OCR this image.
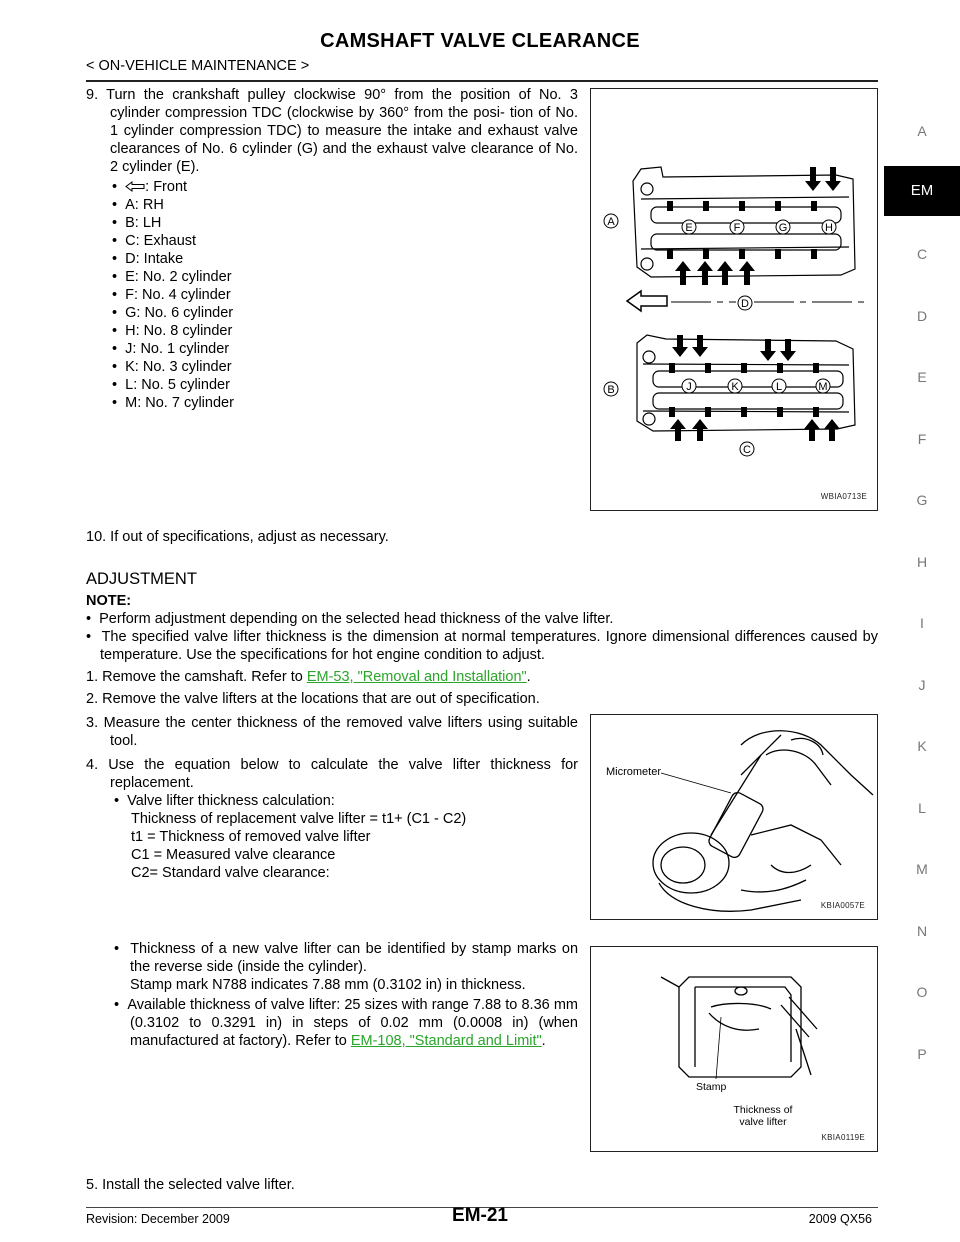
CAMSHAFT VALVE CLEARANCE
< ON-VEHICLE MAINTENANCE >
A
EM
C
D
E
F
G
H
I
J
K
L
M
N
O
P
9. Turn the crankshaft pulley clockwise 90° from the position of No. 3 cylinder compression TDC (clockwise by 360° from the posi- tion of No. 1 cylinder compression TDC) to measure the intake and exhaust valve clearances of No. 6 cylinder (G) and the exhaust valve clearance of No. 2 cylinder (E).
•  : Front
•  A: RH
•  B: LH
•  C: Exhaust
•  D: Intake
•  E: No. 2 cylinder
•  F: No. 4 cylinder
•  G: No. 6 cylinder
•  H: No. 8 cylinder
•  J: No. 1 cylinder
•  K: No. 3 cylinder
•  L: No. 5 cylinder
•  M: No. 7 cylinder
E	F	G	H
A
D
J	K	L	M
B
C
WBIA0713E
10. If out of specifications, adjust as necessary.
ADJUSTMENT
NOTE:
•  Perform adjustment depending on the selected head thickness of the valve lifter.
•  The specified valve lifter thickness is the dimension at normal temperatures. Ignore dimensional differences caused by temperature. Use the specifications for hot engine condition to adjust.
1. Remove the camshaft. Refer to EM-53, "Removal and Installation".
2. Remove the valve lifters at the locations that are out of specification.
3. Measure the center thickness of the removed valve lifters using suitable tool.
4. Use the equation below to calculate the valve lifter thickness for replacement.
•  Valve lifter thickness calculation:
Thickness of replacement valve lifter = t1+ (C1 - C2)
t1 = Thickness of removed valve lifter
C1 = Measured valve clearance
C2= Standard valve clearance:
Micrometer
KBIA0057E
•  Thickness of a new valve lifter can be identified by stamp marks on the reverse side (inside the cylinder).
Stamp mark N788 indicates 7.88 mm (0.3102 in) in thickness.
•  Available thickness of valve lifter: 25 sizes with range 7.88 to 8.36 mm (0.3102 to 0.3291 in) in steps of 0.02 mm (0.0008 in) (when manufactured at factory). Refer to EM-108, "Standard and Limit".
Stamp
Thickness of
valve lifter
KBIA0119E
5. Install the selected valve lifter.
Revision: December 2009	EM-21	2009 QX56
